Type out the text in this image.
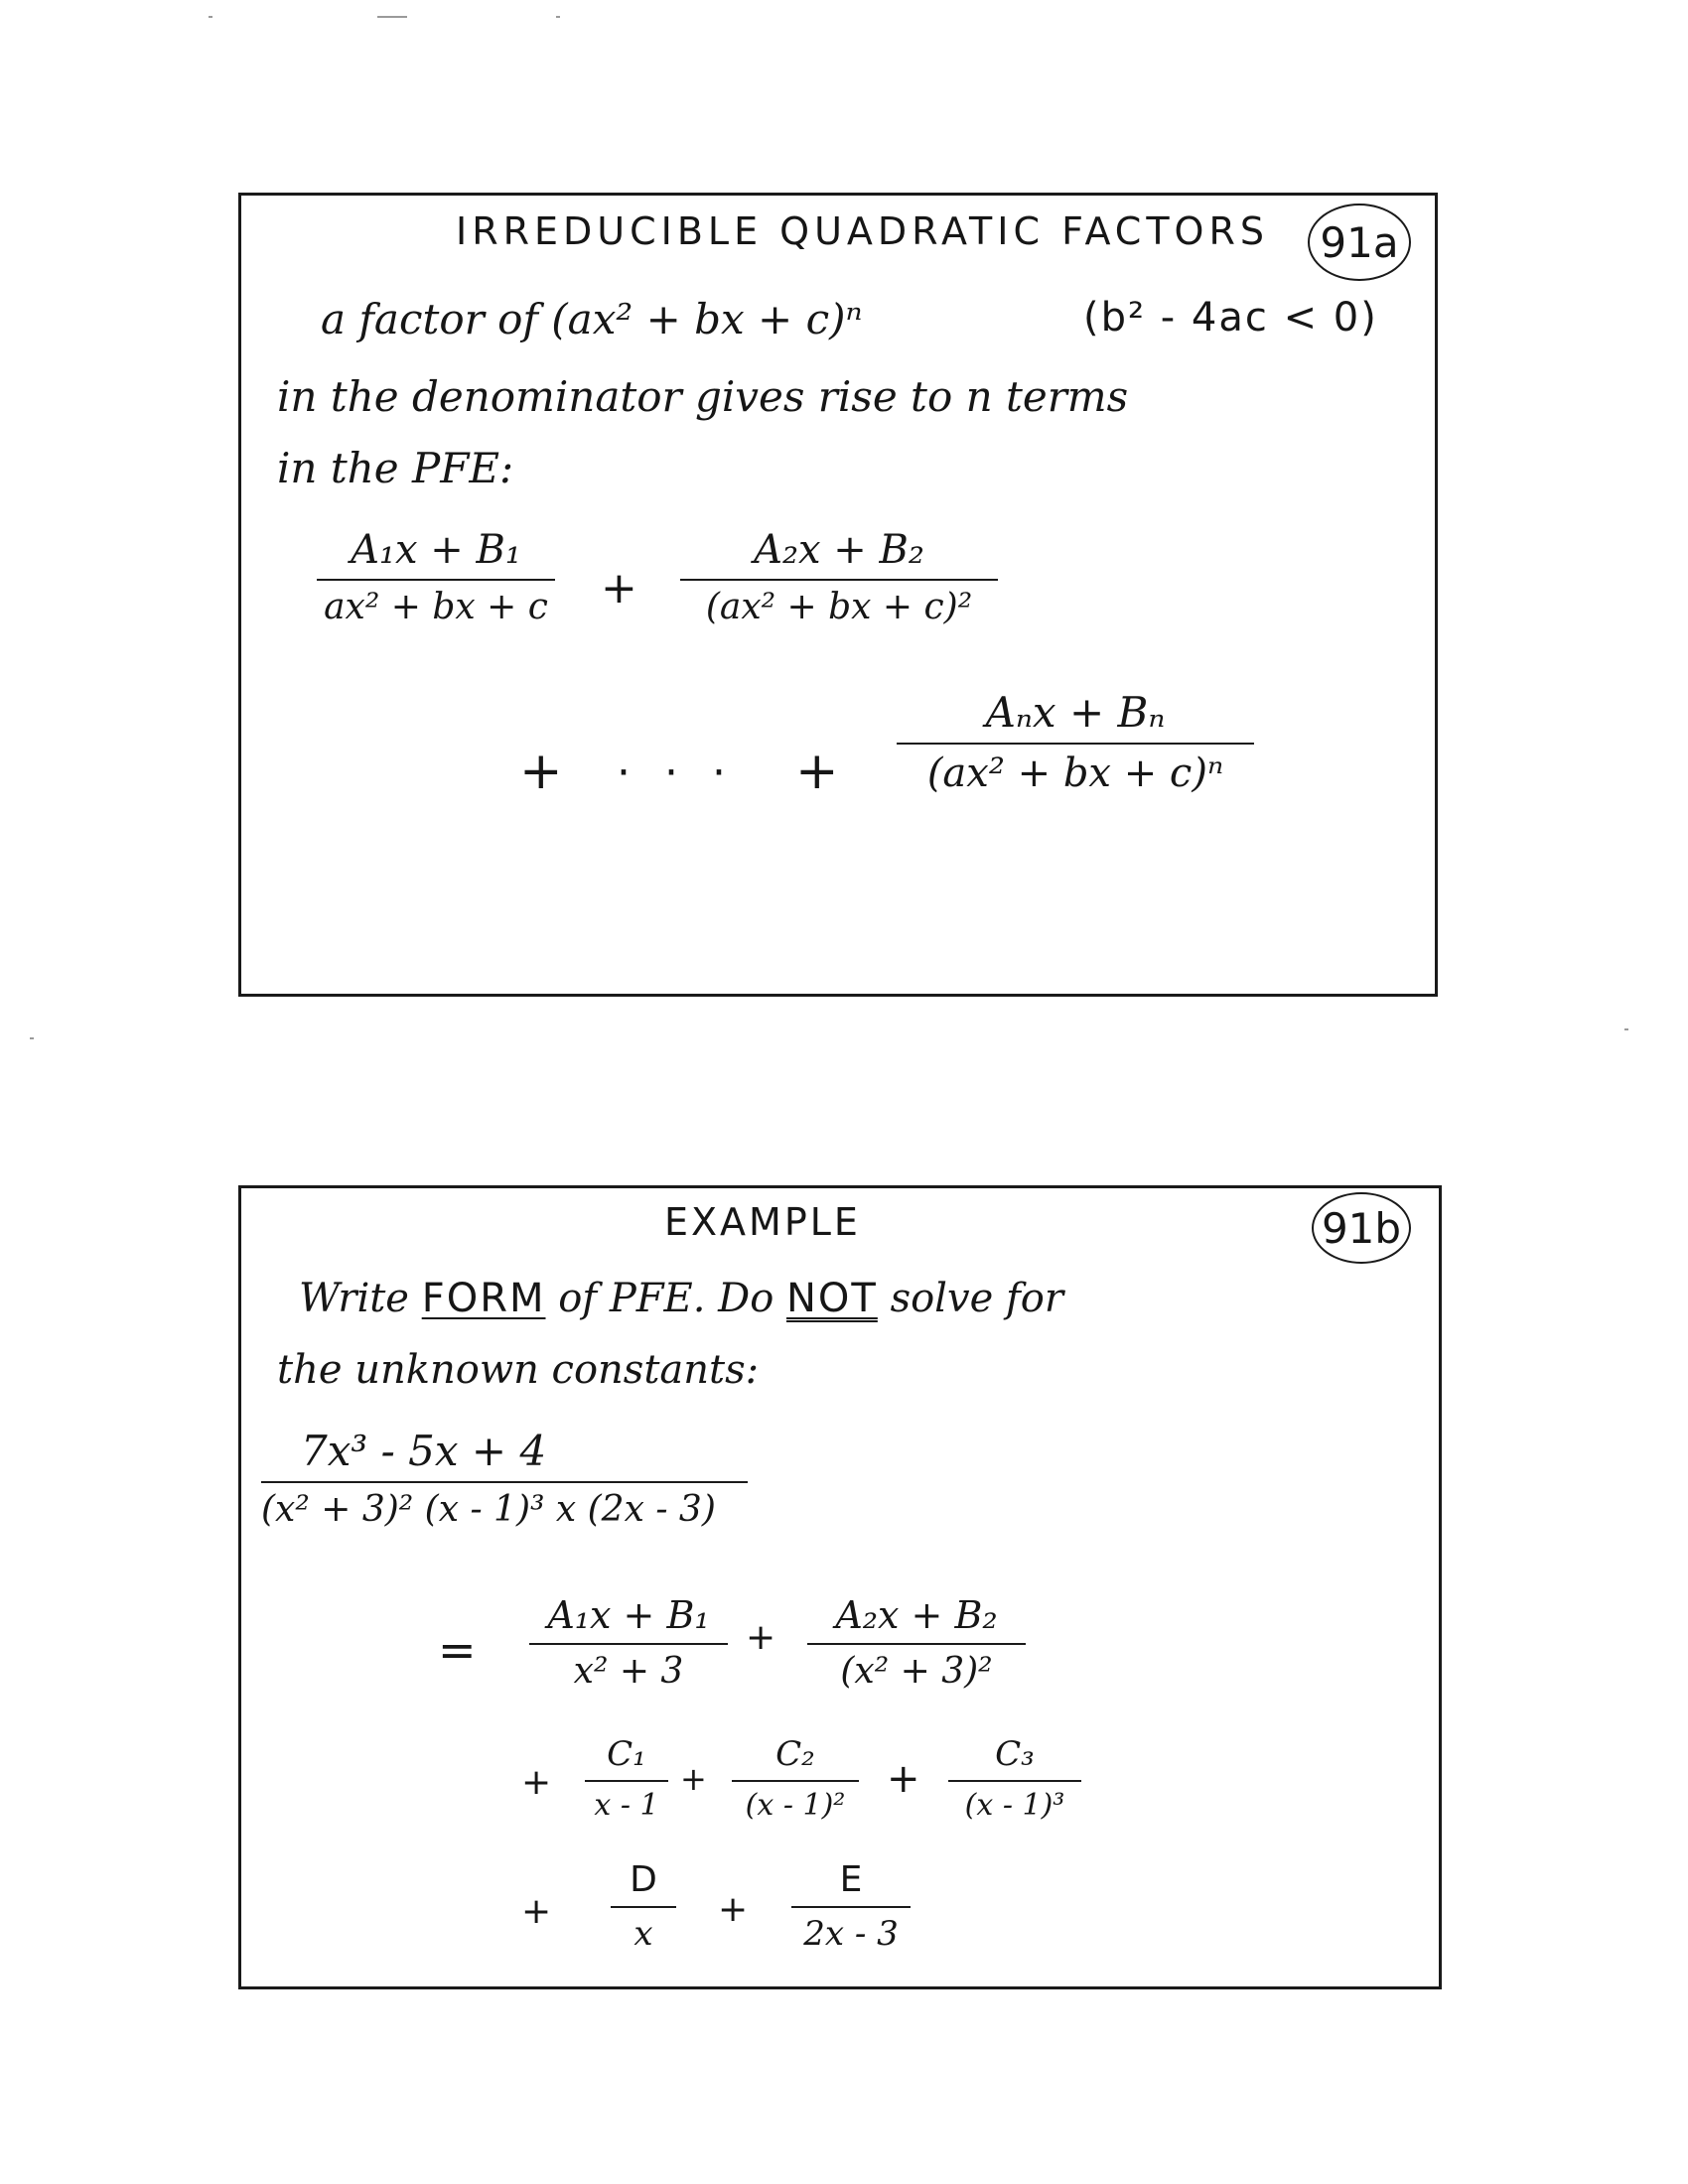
IRREDUCIBLE QUADRATIC FACTORS 91a
a factor of (ax² + bx + c)ⁿ	(b² - 4ac < 0)
in the denominator gives rise to n terms
in the PFE:
A₁x + B₁
ax² + bx + c +
A₂x + B₂
(ax² + bx + c)²
+ · · · +
Aₙx + Bₙ
(ax² + bx + c)ⁿ
EXAMPLE	91b
Write FORM of PFE. Do NOT solve for
the unknown constants:
7x³ - 5x + 4
(x² + 3)² (x - 1)³ x (2x - 3)
=
A₁x + B₁
x² + 3
+
A₂x + B₂
(x² + 3)²
+
C₁
x - 1
+
C₂
(x - 1)²
+
C₃
(x - 1)³
+
D
x
+
E
2x - 3
